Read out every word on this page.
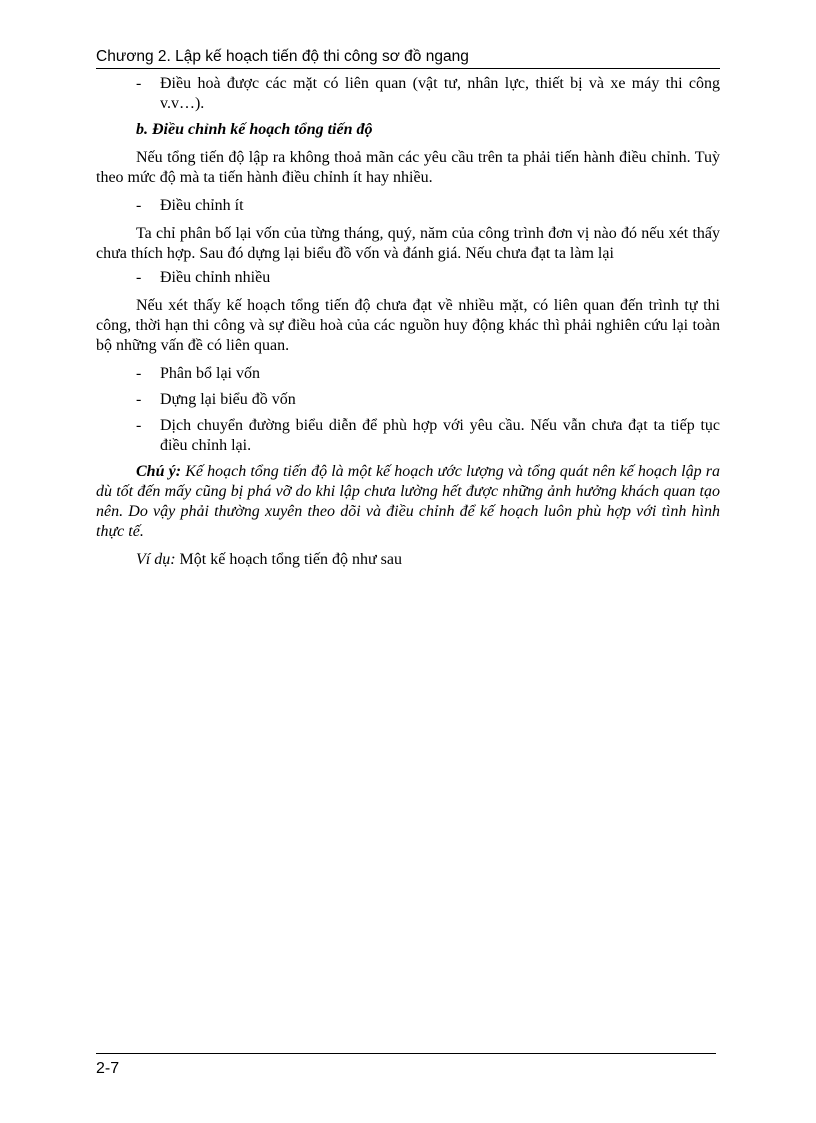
Chương 2. Lập kế hoạch tiến độ thi công sơ đồ ngang

- Điều hoà được các mặt có liên quan (vật tư, nhân lực, thiết bị và xe máy thi công v.v…).

b. Điều chỉnh kế hoạch tổng tiến độ

Nếu tổng tiến độ lập ra không thoả mãn các yêu cầu trên ta phải tiến hành điều chỉnh. Tuỳ theo mức độ mà ta tiến hành điều chỉnh ít hay nhiều.

- Điều chỉnh ít

Ta chỉ phân bố lại vốn của từng tháng, quý, năm của công trình đơn vị nào đó nếu xét thấy chưa thích hợp. Sau đó dựng lại biểu đồ vốn và đánh giá. Nếu chưa đạt ta làm lại

- Điều chỉnh nhiều

Nếu xét thấy kế hoạch tổng tiến độ chưa đạt về nhiều mặt, có liên quan đến trình tự thi công, thời hạn thi công và sự điều hoà của các nguồn huy động khác thì phải nghiên cứu lại toàn bộ những vấn đề có liên quan.

- Phân bổ lại vốn

- Dựng lại biểu đồ vốn

- Dịch chuyển đường biểu diễn để phù hợp với yêu cầu. Nếu vẫn chưa đạt ta tiếp tục điều chỉnh lại.

Chú ý: Kế hoạch tổng tiến độ là một kế hoạch ước lượng và tổng quát nên kế hoạch lập ra dù tốt đến mấy cũng bị phá vỡ do khi lập chưa lường hết được những ảnh hưởng khách quan tạo nên. Do vậy phải thường xuyên theo dõi và điều chỉnh để kế hoạch luôn phù hợp với tình hình thực tế.

Ví dụ: Một kế hoạch tổng tiến độ như sau

2-7
